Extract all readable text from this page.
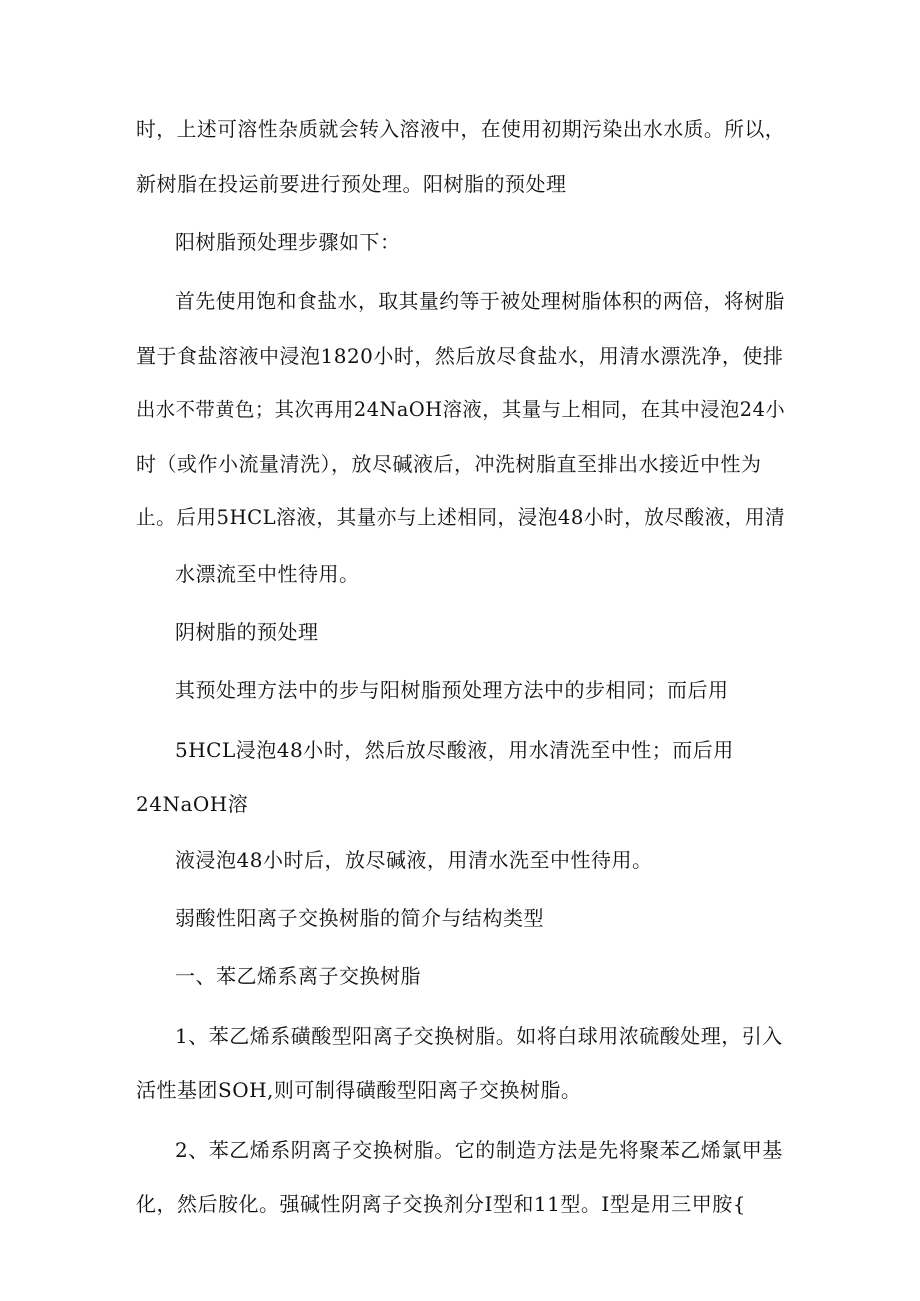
时，上述可溶性杂质就会转入溶液中，在使用初期污染出水水质。所以，
新树脂在投运前要进行预处理。阳树脂的预处理
阳树脂预处理步骤如下：
首先使用饱和食盐水，取其量约等于被处理树脂体积的两倍，将树脂
置于食盐溶液中浸泡1820小时，然后放尽食盐水，用清水漂洗净，使排
出水不带黄色；其次再用24NaOH溶液，其量与上相同，在其中浸泡24小
时（或作小流量清洗），放尽碱液后，冲洗树脂直至排出水接近中性为
止。后用5HCL溶液，其量亦与上述相同，浸泡48小时，放尽酸液，用清
水漂流至中性待用。
阴树脂的预处理
其预处理方法中的步与阳树脂预处理方法中的步相同；而后用
5HCL浸泡48小时，然后放尽酸液，用水清洗至中性；而后用
24NaOH溶
液浸泡48小时后，放尽碱液，用清水洗至中性待用。
弱酸性阳离子交换树脂的简介与结构类型
一、苯乙烯系离子交换树脂
1、苯乙烯系磺酸型阳离子交换树脂。如将白球用浓硫酸处理，引入
活性基团SOH,则可制得磺酸型阳离子交换树脂。
2、苯乙烯系阴离子交换树脂。它的制造方法是先将聚苯乙烯氯甲基
化，然后胺化。强碱性阴离子交换剂分Ⅰ型和11型。Ⅰ型是用三甲胺{
